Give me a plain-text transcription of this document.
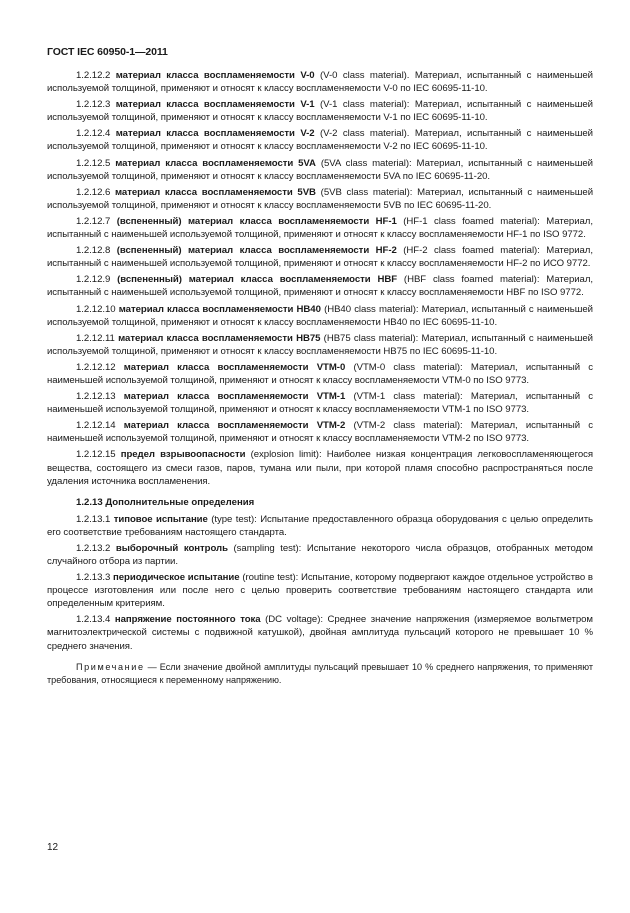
ГОСТ IEC 60950-1—2011

1.2.12.2 материал класса воспламеняемости V-0 (V-0 class material). Материал, испытанный с наименьшей используемой толщиной, применяют и относят к классу воспламеняемости V-0 по IEC 60695-11-10.

1.2.12.3 материал класса воспламеняемости V-1 (V-1 class material): Материал, испытанный с наименьшей используемой толщиной, применяют и относят к классу воспламеняемости V-1 по IEC 60695-11-10.

1.2.12.4 материал класса воспламеняемости V-2 (V-2 class material). Материал, испытанный с наименьшей используемой толщиной, применяют и относят к классу воспламеняемости V-2 по IEC 60695-11-10.

1.2.12.5 материал класса воспламеняемости 5VA (5VA class material): Материал, испытанный с наименьшей используемой толщиной, применяют и относят к классу воспламеняемости 5VA по IEC 60695-11-20.

1.2.12.6 материал класса воспламеняемости 5VB (5VB class material): Материал, испытанный с наименьшей используемой толщиной, применяют и относят к классу воспламеняемости 5VB по IEC 60695-11-20.

1.2.12.7 (вспененный) материал класса воспламеняемости HF-1 (HF-1 class foamed material): Материал, испытанный с наименьшей используемой толщиной, применяют и относят к классу воспламеняемости HF-1 по ISO 9772.

1.2.12.8 (вспененный) материал класса воспламеняемости HF-2 (HF-2 class foamed material): Материал, испытанный с наименьшей используемой толщиной, применяют и относят к классу воспламеняемости HF-2 по ИСО 9772.

1.2.12.9 (вспененный) материал класса воспламеняемости HBF (HBF class foamed material): Материал, испытанный с наименьшей используемой толщиной, применяют и относят к классу воспламеняемости HBF по ISO 9772.

1.2.12.10 материал класса воспламеняемости HB40 (HB40 class material): Материал, испытанный с наименьшей используемой толщиной, применяют и относят к классу воспламеняемости HB40 по IEC 60695-11-10.

1.2.12.11 материал класса воспламеняемости HB75 (HB75 class material): Материал, испытанный с наименьшей используемой толщиной, применяют и относят к классу воспламеняемости HB75 по IEC 60695-11-10.

1.2.12.12 материал класса воспламеняемости VTM-0 (VTM-0 class material): Материал, испытанный с наименьшей используемой толщиной, применяют и относят к классу воспламеняемости VTM-0 по ISO 9773.

1.2.12.13 материал класса воспламеняемости VTM-1 (VTM-1 class material): Материал, испытанный с наименьшей используемой толщиной, применяют и относят к классу воспламеняемости VTM-1 по ISO 9773.

1.2.12.14 материал класса воспламеняемости VTM-2 (VTM-2 class material): Материал, испытанный с наименьшей используемой толщиной, применяют и относят к классу воспламеняемости VTM-2 по ISO 9773.

1.2.12.15 предел взрывоопасности (explosion limit): Наиболее низкая концентрация легковоспламеняющегося вещества, состоящего из смеси газов, паров, тумана или пыли, при которой пламя способно распространяться после удаления источника воспламенения.

1.2.13 Дополнительные определения

1.2.13.1 типовое испытание (type test): Испытание предоставленного образца оборудования с целью определить его соответствие требованиям настоящего стандарта.

1.2.13.2 выборочный контроль (sampling test): Испытание некоторого числа образцов, отобранных методом случайного отбора из партии.

1.2.13.3 периодическое испытание (routine test): Испытание, которому подвергают каждое отдельное устройство в процессе изготовления или после него с целью проверить соответствие требованиям настоящего стандарта или определенным критериям.

1.2.13.4 напряжение постоянного тока (DC voltage): Среднее значение напряжения (измеряемое вольтметром магнитоэлектрической системы с подвижной катушкой), двойная амплитуда пульсаций которого не превышает 10 % среднего значения.

Примечание — Если значение двойной амплитуды пульсаций превышает 10 % среднего напряжения, то применяют требования, относящиеся к переменному напряжению.

12
